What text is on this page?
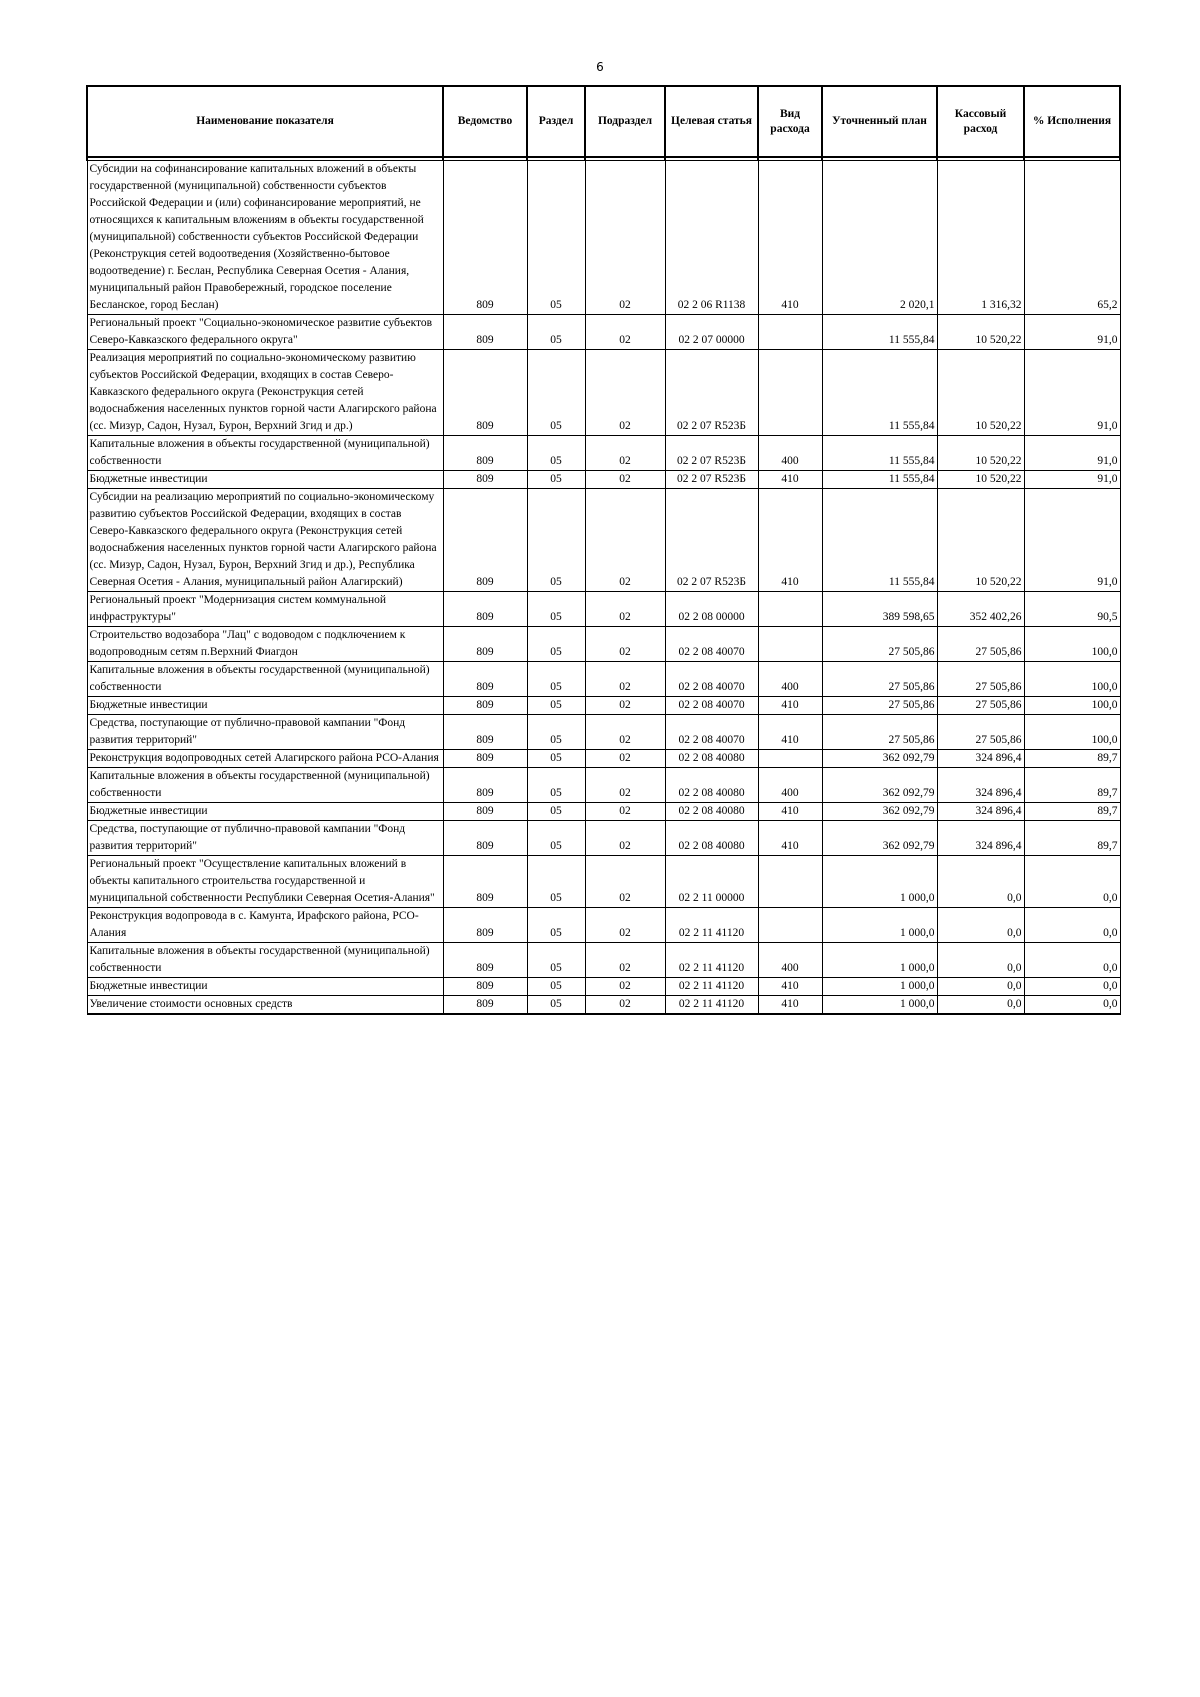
6
Наименование показателя	Ведомство	Раздел	Подраздел	Целевая статья	Вид расхода	Уточненный план	Кассовый расход	% Исполнения

Субсидии на софинансирование капитальных вложений в объекты государственной (муниципальной) собственности субъектов Российской Федерации и (или) софинансирование мероприятий, не относящихся к капитальным вложениям в объекты государственной (муниципальной) собственности субъектов Российской Федерации (Реконструкция сетей водоотведения (Хозяйственно-бытовое водоотведение) г. Беслан, Республика Северная Осетия - Алания, муниципальный район Правобережный, городское поселение Бесланское, город Беслан)	809	05	02	02 2 06 R1138	410	2 020,1	1 316,32	65,2
Региональный проект "Социально-экономическое развитие субъектов Северо-Кавказского федерального округа"	809	05	02	02 2 07 00000		11 555,84	10 520,22	91,0
Реализация мероприятий по социально-экономическому развитию субъектов Российской Федерации, входящих в состав Северо-Кавказского федерального округа (Реконструкция сетей водоснабжения населенных пунктов горной части Алагирского района (сс. Мизур, Садон, Нузал, Бурон, Верхний Згид и др.)	809	05	02	02 2 07 R523Б		11 555,84	10 520,22	91,0
Капитальные вложения в объекты государственной (муниципальной) собственности	809	05	02	02 2 07 R523Б	400	11 555,84	10 520,22	91,0
Бюджетные инвестиции	809	05	02	02 2 07 R523Б	410	11 555,84	10 520,22	91,0
Субсидии на реализацию мероприятий по социально-экономическому развитию субъектов Российской Федерации, входящих в состав Северо-Кавказского федерального округа (Реконструкция сетей водоснабжения населенных пунктов горной части Алагирского района (сс. Мизур, Садон, Нузал, Бурон, Верхний Згид и др.), Республика Северная Осетия - Алания, муниципальный район Алагирский)	809	05	02	02 2 07 R523Б	410	11 555,84	10 520,22	91,0
Региональный проект "Модернизация систем коммунальной инфраструктуры"	809	05	02	02 2 08 00000		389 598,65	352 402,26	90,5
Строительство водозабора "Лац" с водоводом с подключением к водопроводным сетям п.Верхний Фиагдон	809	05	02	02 2 08 40070		27 505,86	27 505,86	100,0
Капитальные вложения в объекты государственной (муниципальной) собственности	809	05	02	02 2 08 40070	400	27 505,86	27 505,86	100,0
Бюджетные инвестиции	809	05	02	02 2 08 40070	410	27 505,86	27 505,86	100,0
Средства, поступающие от публично-правовой кампании "Фонд развития территорий"	809	05	02	02 2 08 40070	410	27 505,86	27 505,86	100,0
Реконструкция водопроводных сетей Алагирского района РСО-Алания	809	05	02	02 2 08 40080		362 092,79	324 896,4	89,7
Капитальные вложения в объекты государственной (муниципальной) собственности	809	05	02	02 2 08 40080	400	362 092,79	324 896,4	89,7
Бюджетные инвестиции	809	05	02	02 2 08 40080	410	362 092,79	324 896,4	89,7
Средства, поступающие от публично-правовой кампании "Фонд развития территорий"	809	05	02	02 2 08 40080	410	362 092,79	324 896,4	89,7
Региональный проект "Осуществление капитальных вложений в объекты капитального строительства государственной и муниципальной собственности Республики Северная Осетия-Алания"	809	05	02	02 2 11 00000		1 000,0	0,0	0,0
Реконструкция водопровода в с. Камунта, Ирафского района, РСО-Алания	809	05	02	02 2 11 41120		1 000,0	0,0	0,0
Капитальные вложения в объекты государственной (муниципальной) собственности	809	05	02	02 2 11 41120	400	1 000,0	0,0	0,0
Бюджетные инвестиции	809	05	02	02 2 11 41120	410	1 000,0	0,0	0,0
Увеличение стоимости основных средств	809	05	02	02 2 11 41120	410	1 000,0	0,0	0,0
